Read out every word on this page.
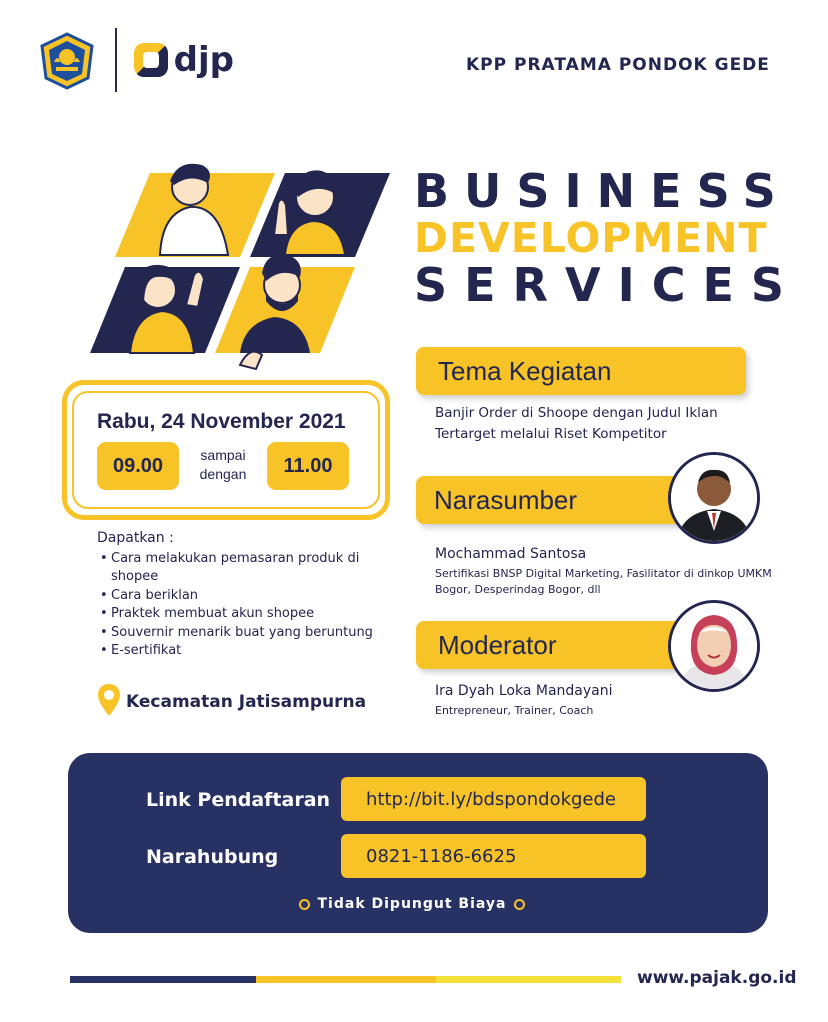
djp	KPP PRATAMA PONDOK GEDE
BUSINESS
DEVELOPMENT
SERVICES
Rabu, 24 November 2021
09.00	sampai
dengan	11.00
Dapatkan :
• Cara melakukan pemasaran produk di shopee
• Cara beriklan
• Praktek membuat akun shopee
• Souvernir menarik buat yang beruntung
• E-sertifikat
Kecamatan Jatisampurna
Tema Kegiatan
Banjir Order di Shoope dengan Judul Iklan Tertarget melalui Riset Kompetitor
Narasumber
Mochammad Santosa
Sertifikasi BNSP Digital Marketing, Fasilitator di dinkop UMKM Bogor, Desperindag Bogor, dll
Moderator
Ira Dyah Loka Mandayani
Entrepreneur, Trainer, Coach
Link Pendaftaran	http://bit.ly/bdspondokgede
Narahubung	0821-1186-6625
Tidak Dipungut Biaya
www.pajak.go.id
